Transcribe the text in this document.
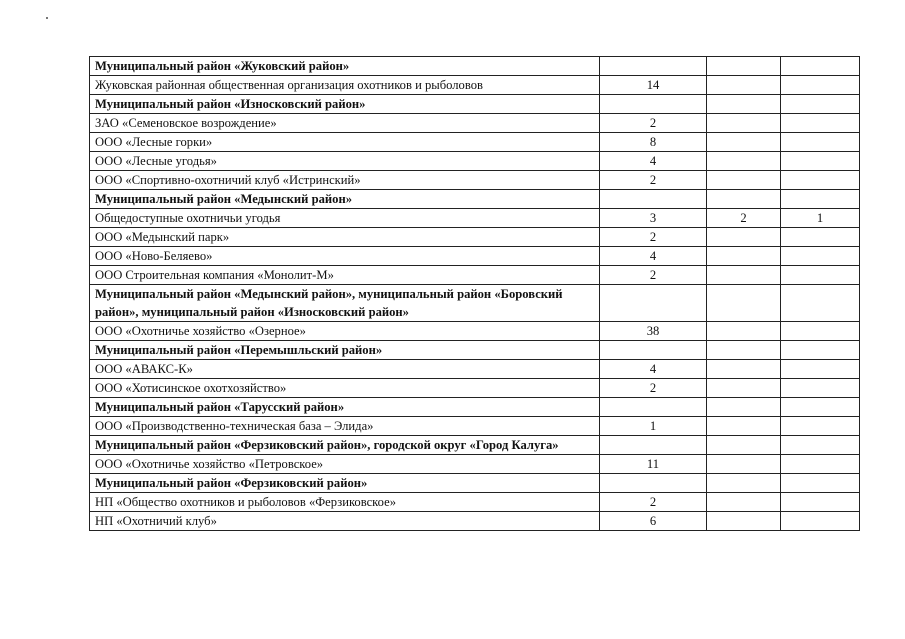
Муниципальный район «Жуковский район»			
Жуковская районная общественная организация охотников и рыболовов	14		
Муниципальный район «Износковский район»			
ЗАО «Семеновское возрождение»	2		
ООО «Лесные горки»	8		
ООО «Лесные угодья»	4		
ООО «Спортивно-охотничий клуб «Истринский»	2		
Муниципальный район «Медынский район»			
Общедоступные охотничьи угодья	3	2	1
ООО «Медынский парк»	2		
ООО «Ново-Беляево»	4		
ООО Строительная компания «Монолит-М»	2		
Муниципальный район «Медынский район», муниципальный район «Боровский район», муниципальный район «Износковский район»			
ООО «Охотничье хозяйство «Озерное»	38		
Муниципальный район «Перемышльский район»			
ООО «АВАКС-К»	4		
ООО «Хотисинское охотхозяйство»	2		
Муниципальный район «Тарусский район»			
ООО «Производственно-техническая база – Элида»	1		
Муниципальный район «Ферзиковский район», городской округ «Город Калуга»			
ООО «Охотничье хозяйство «Петровское»	11		
Муниципальный район «Ферзиковский район»			
НП «Общество охотников и рыболовов «Ферзиковское»	2		
НП «Охотничий клуб»	6		
